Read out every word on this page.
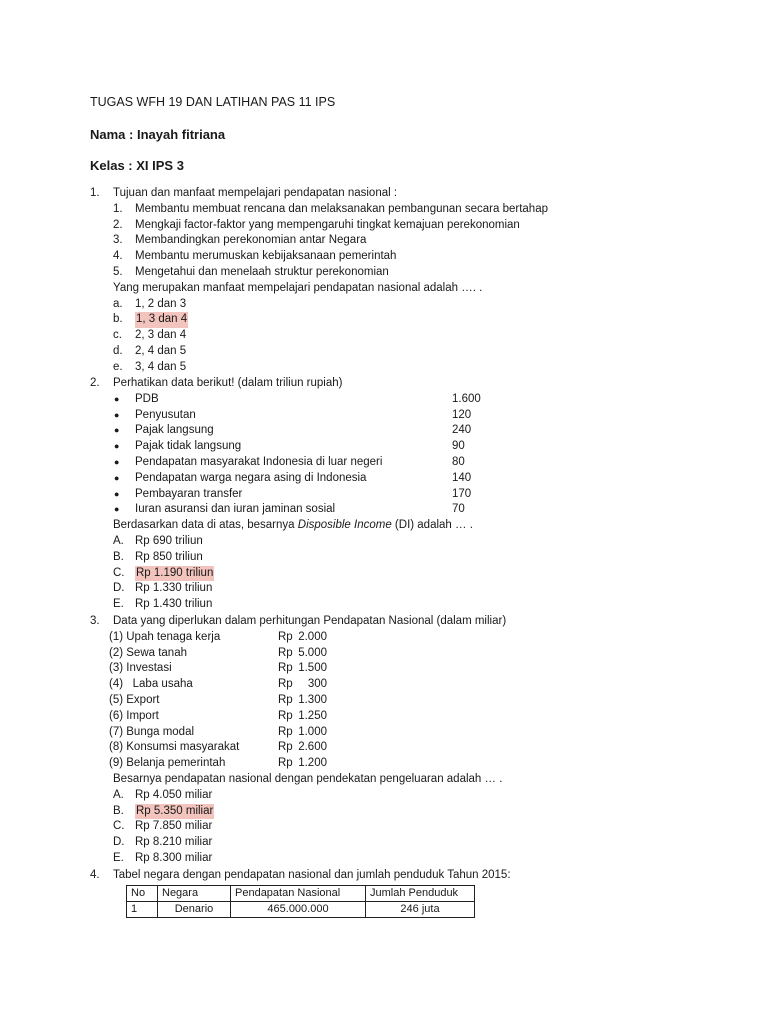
TUGAS WFH 19 DAN LATIHAN PAS 11 IPS
Nama : Inayah fitriana
Kelas : XI IPS 3
1.	Tujuan dan manfaat mempelajari pendapatan nasional :
1.	Membantu membuat rencana dan melaksanakan pembangunan secara bertahap
2.	Mengkaji factor-faktor yang mempengaruhi tingkat kemajuan perekonomian
3.	Membandingkan perekonomian antar Negara
4.	Membantu merumuskan kebijaksanaan pemerintah
5.	Mengetahui dan menelaah struktur perekonomian
Yang merupakan manfaat mempelajari pendapatan nasional adalah …. .
a.	1, 2 dan 3
b.	1, 3 dan 4
c.	2, 3 dan 4
d.	2, 4 dan 5
e.	3, 4 dan 5
2.	Perhatikan data berikut! (dalam triliun rupiah)
● PDB	1.600
● Penyusutan	120
● Pajak langsung	240
● Pajak tidak langsung	90
● Pendapatan masyarakat Indonesia di luar negeri	80
● Pendapatan warga negara asing di Indonesia	140
● Pembayaran transfer	170
● Iuran asuransi dan iuran jaminan sosial	70
Berdasarkan data di atas, besarnya Disposible Income (DI) adalah … .
A. Rp 690 triliun
B. Rp 850 triliun
C.	Rp 1.190 triliun
D. Rp 1.330 triliun
E. Rp 1.430 triliun
3.	Data yang diperlukan dalam perhitungan Pendapatan Nasional (dalam miliar)
(1) Upah tenaga kerja	Rp 2.000
(2) Sewa tanah	Rp 5.000
(3) Investasi	Rp 1.500
(4)   Laba usaha	Rp	300
(5) Export	Rp 1.300
(6) Import	Rp 1.250
(7) Bunga modal	Rp 1.000
(8) Konsumsi masyarakat	Rp 2.600
(9) Belanja pemerintah	Rp 1.200
Besarnya pendapatan nasional dengan pendekatan pengeluaran adalah … .
A. Rp 4.050 miliar
B.	Rp 5.350 miliar
C. Rp 7.850 miliar
D. Rp 8.210 miliar
E. Rp 8.300 miliar
4.	Tabel negara dengan pendapatan nasional dan jumlah penduduk Tahun 2015:
No	Negara	Pendapatan Nasional	Jumlah Penduduk
1	Denario	465.000.000	246 juta
